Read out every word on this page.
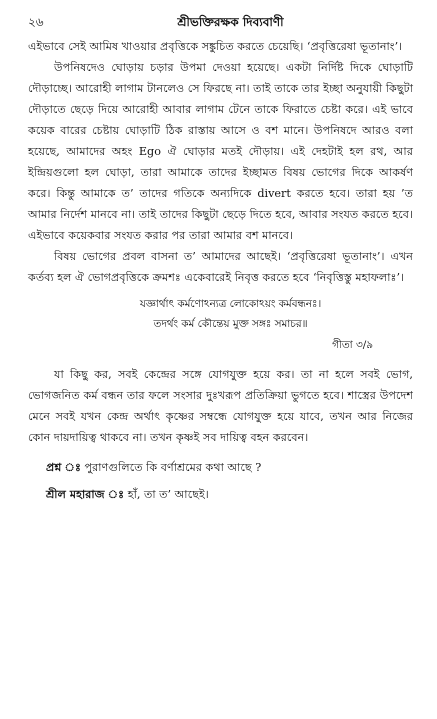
২৬	শ্রীভক্তিরক্ষক দিব্যবাণী

এইভাবে সেই আমিষ খাওয়ার প্রবৃত্তিকে সঙ্কুচিত করতে চেয়েছি। ‘প্রবৃত্তিরেষা ভূতানাং’।

উপনিষদেও ঘোড়ায় চড়ার উপমা দেওয়া হয়েছে। একটা নির্দিষ্ট দিকে ঘোড়াটি দৌড়াচ্ছে। আরোহী লাগাম টানলেও সে ফিরছে না। তাই তাকে তার ইচ্ছা অনুযায়ী কিছুটা দৌড়াতে ছেড়ে দিয়ে আরোহী আবার লাগাম টেনে তাকে ফিরাতে চেষ্টা করে। এই ভাবে কয়েক বারের চেষ্টায় ঘোড়াটি ঠিক রাস্তায় আসে ও বশ মানে। উপনিষদে আরও বলা হয়েছে, আমাদের অহং Ego ঐ ঘোড়ার মতই দৌড়ায়। এই দেহটাই হল রথ, আর ইন্দ্রিয়গুলো হল ঘোড়া, তারা আমাকে তাদের ইচ্ছামত বিষয় ভোগের দিকে আকর্ষণ করে। কিন্তু আমাকে ত’ তাদের গতিকে অন্যদিকে divert করতে হবে। তারা হয় ’ত আমার নির্দেশ মানবে না। তাই তাদের কিছুটা ছেড়ে দিতে হবে, আবার সংযত করতে হবে। এইভাবে কয়েকবার সংযত করার পর তারা আমার বশ মানবে।

বিষয় ভোগের প্রবল বাসনা ত’ আমাদের আছেই। ‘প্রবৃত্তিরেষা ভূতানাং’। এখন কর্তব্য হল ঐ ভোগপ্রবৃত্তিকে ক্রমশঃ একেবারেই নিবৃত্ত করতে হবে ‘নিবৃত্তিস্তু মহাফলাঃ’।

যজ্ঞার্থাৎ কর্মণোঽন্যত্র লোকোঽয়ং কর্মবন্ধনঃ।
তদর্থং কর্ম কৌন্তেয় মুক্ত সঙ্গঃ সমাচর॥
গীতা ৩/৯

যা কিছু কর, সবই কেন্দ্রের সঙ্গে যোগযুক্ত হয়ে কর। তা না হলে সবই ভোগ, ভোগজনিত কর্ম বন্ধন তার ফলে সংসার দুঃখরূপ প্রতিক্রিয়া ভুগতে হবে। শাস্ত্রের উপদেশ মেনে সবই যখন কেন্দ্র অর্থাৎ কৃষ্ণের সম্বন্ধে যোগযুক্ত হয়ে যাবে, তখন আর নিজের কোন দায়দায়িত্ব থাকবে না। তখন কৃষ্ণই সব দায়িত্ব বহন করবেন।

প্রশ্ন ঃ পুরাণগুলিতে কি বর্ণাশ্রমের কথা আছে ?
শ্রীল মহারাজ ঃ হাঁ, তা ত’ আছেই।
